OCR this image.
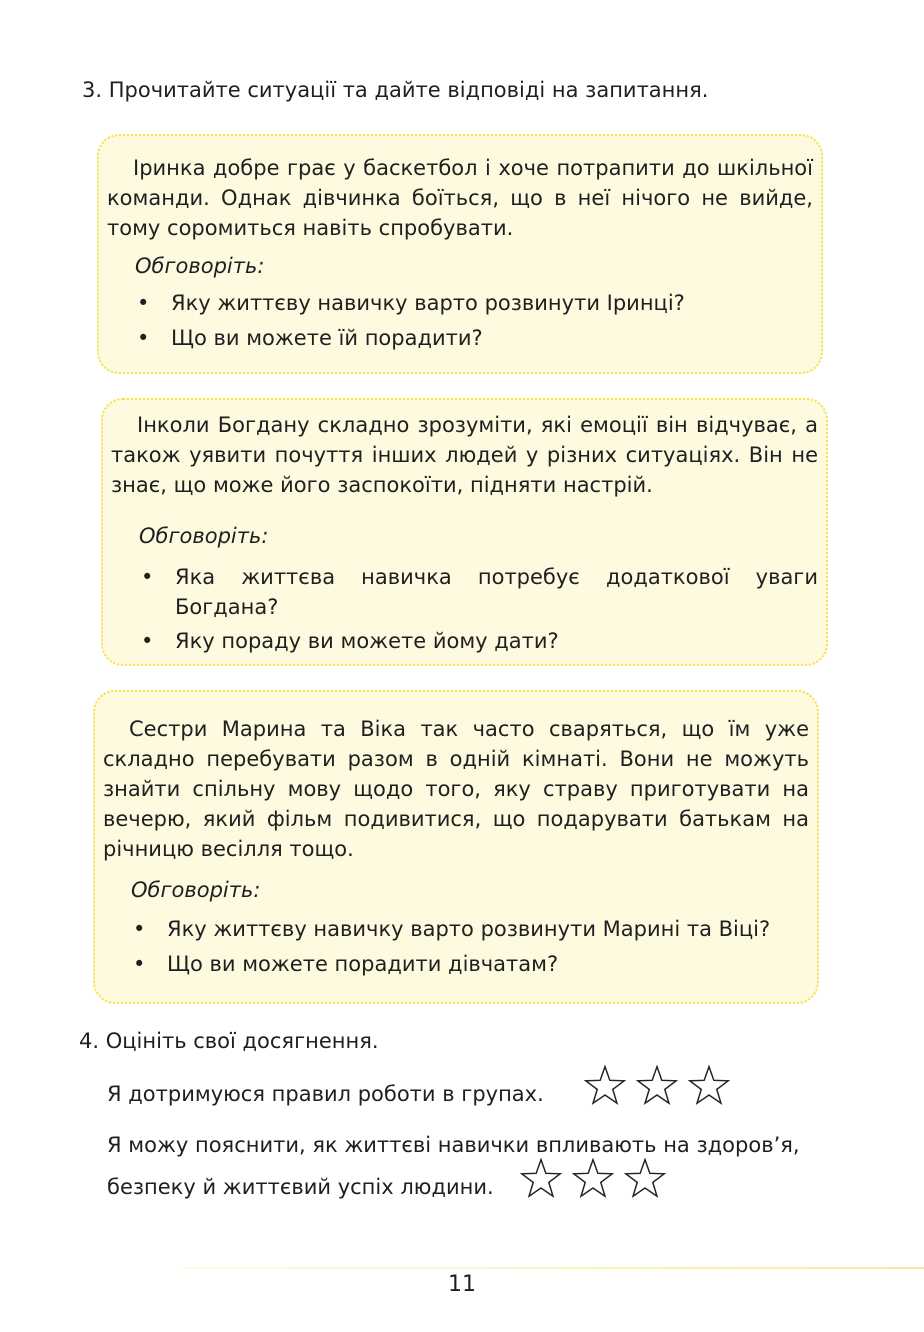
3. Прочитайте ситуації та дайте відповіді на запитання.

Іринка добре грає у баскетбол і хоче потрапити до шкільної команди. Однак дівчинка боїться, що в неї нічого не вийде, тому соромиться навіть спробувати.

Обговоріть:

•	Яку життєву навичку варто розвинути Іринці?
•	Що ви можете їй порадити?

Інколи Богдану складно зрозуміти, які емоції він відчуває, а також уявити почуття інших людей у різних ситуаціях. Він не знає, що може його заспокоїти, підняти настрій.

Обговоріть:

•	Яка життєва навичка потребує додаткової уваги Богдана?
•	Яку пораду ви можете йому дати?

Сестри Марина та Віка так часто сваряться, що їм уже складно перебувати разом в одній кімнаті. Вони не можуть знайти спільну мову щодо того, яку страву приготувати на вечерю, який фільм подивитися, що подарувати батькам на річницю весілля тощо.

Обговоріть:

•	Яку життєву навичку варто розвинути Марині та Віці?
•	Що ви можете порадити дівчатам?
4. Оцініть свої досягнення.

Я дотримуюся правил роботи в групах.

Я можу пояснити, як життєві навички впливають на здоров’я,

безпеку й життєвий успіх людини.

11
